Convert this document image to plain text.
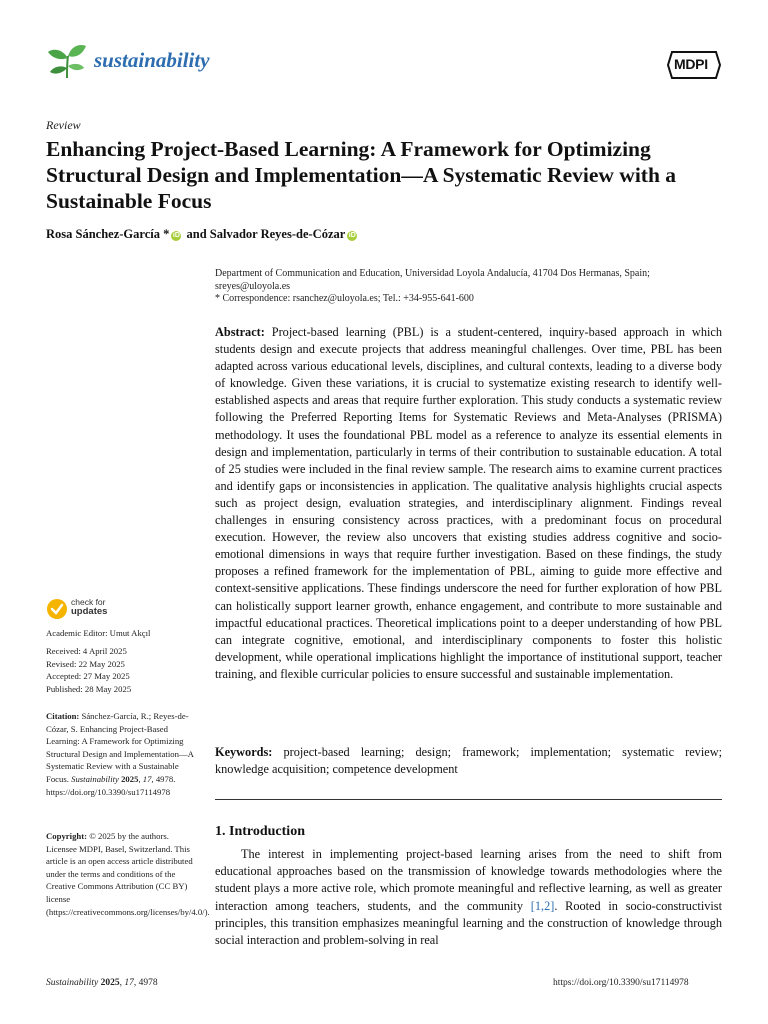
sustainability	MDPI
Review
Enhancing Project-Based Learning: A Framework for Optimizing Structural Design and Implementation—A Systematic Review with a Sustainable Focus
Rosa Sánchez-García * iD and Salvador Reyes-de-Cózar iD
Department of Communication and Education, Universidad Loyola Andalucía, 41704 Dos Hermanas, Spain;
sreyes@uloyola.es
* Correspondence: rsanchez@uloyola.es; Tel.: +34-955-641-600
Abstract: Project-based learning (PBL) is a student-centered, inquiry-based approach in which students design and execute projects that address meaningful challenges. Over time, PBL has been adapted across various educational levels, disciplines, and cultural contexts, leading to a diverse body of knowledge. Given these variations, it is crucial to systematize existing research to identify well-established aspects and areas that require further exploration. This study conducts a systematic review following the Preferred Reporting Items for Systematic Reviews and Meta-Analyses (PRISMA) methodology. It uses the foundational PBL model as a reference to analyze its essential elements in design and implementation, particularly in terms of their contribution to sustainable education. A total of 25 studies were included in the final review sample. The research aims to examine current practices and identify gaps or inconsistencies in application. The qualitative analysis highlights crucial aspects such as project design, evaluation strategies, and interdisciplinary alignment. Findings reveal challenges in ensuring consistency across practices, with a predominant focus on procedural execution. However, the review also uncovers that existing studies address cognitive and socio-emotional dimensions in ways that require further investigation. Based on these findings, the study proposes a refined framework for the implementation of PBL, aiming to guide more effective and context-sensitive applications. These findings underscore the need for further exploration of how PBL can holistically support learner growth, enhance engagement, and contribute to more sustainable and impactful educational practices. Theoretical implications point to a deeper understanding of how PBL can integrate cognitive, emotional, and interdisciplinary components to foster this holistic development, while operational implications highlight the importance of institutional support, teacher training, and flexible curricular policies to ensure successful and sustainable implementation.
Keywords: project-based learning; design; framework; implementation; systematic review; knowledge acquisition; competence development
1. Introduction
The interest in implementing project-based learning arises from the need to shift from educational approaches based on the transmission of knowledge towards methodologies where the student plays a more active role, which promote meaningful and reflective learning, as well as greater interaction among teachers, students, and the community [1,2]. Rooted in socio-constructivist principles, this transition emphasizes meaningful learning and the construction of knowledge through social interaction and problem-solving in real
check for
updates
Academic Editor: Umut Akçıl
Received: 4 April 2025
Revised: 22 May 2025
Accepted: 27 May 2025
Published: 28 May 2025
Citation: Sánchez-García, R.; Reyes-de-Cózar, S. Enhancing Project-Based Learning: A Framework for Optimizing Structural Design and Implementation—A Systematic Review with a Sustainable Focus. Sustainability 2025, 17, 4978. https://doi.org/10.3390/su17114978
Copyright: © 2025 by the authors. Licensee MDPI, Basel, Switzerland. This article is an open access article distributed under the terms and conditions of the Creative Commons Attribution (CC BY) license (https://creativecommons.org/licenses/by/4.0/).
Sustainability 2025, 17, 4978	https://doi.org/10.3390/su17114978
